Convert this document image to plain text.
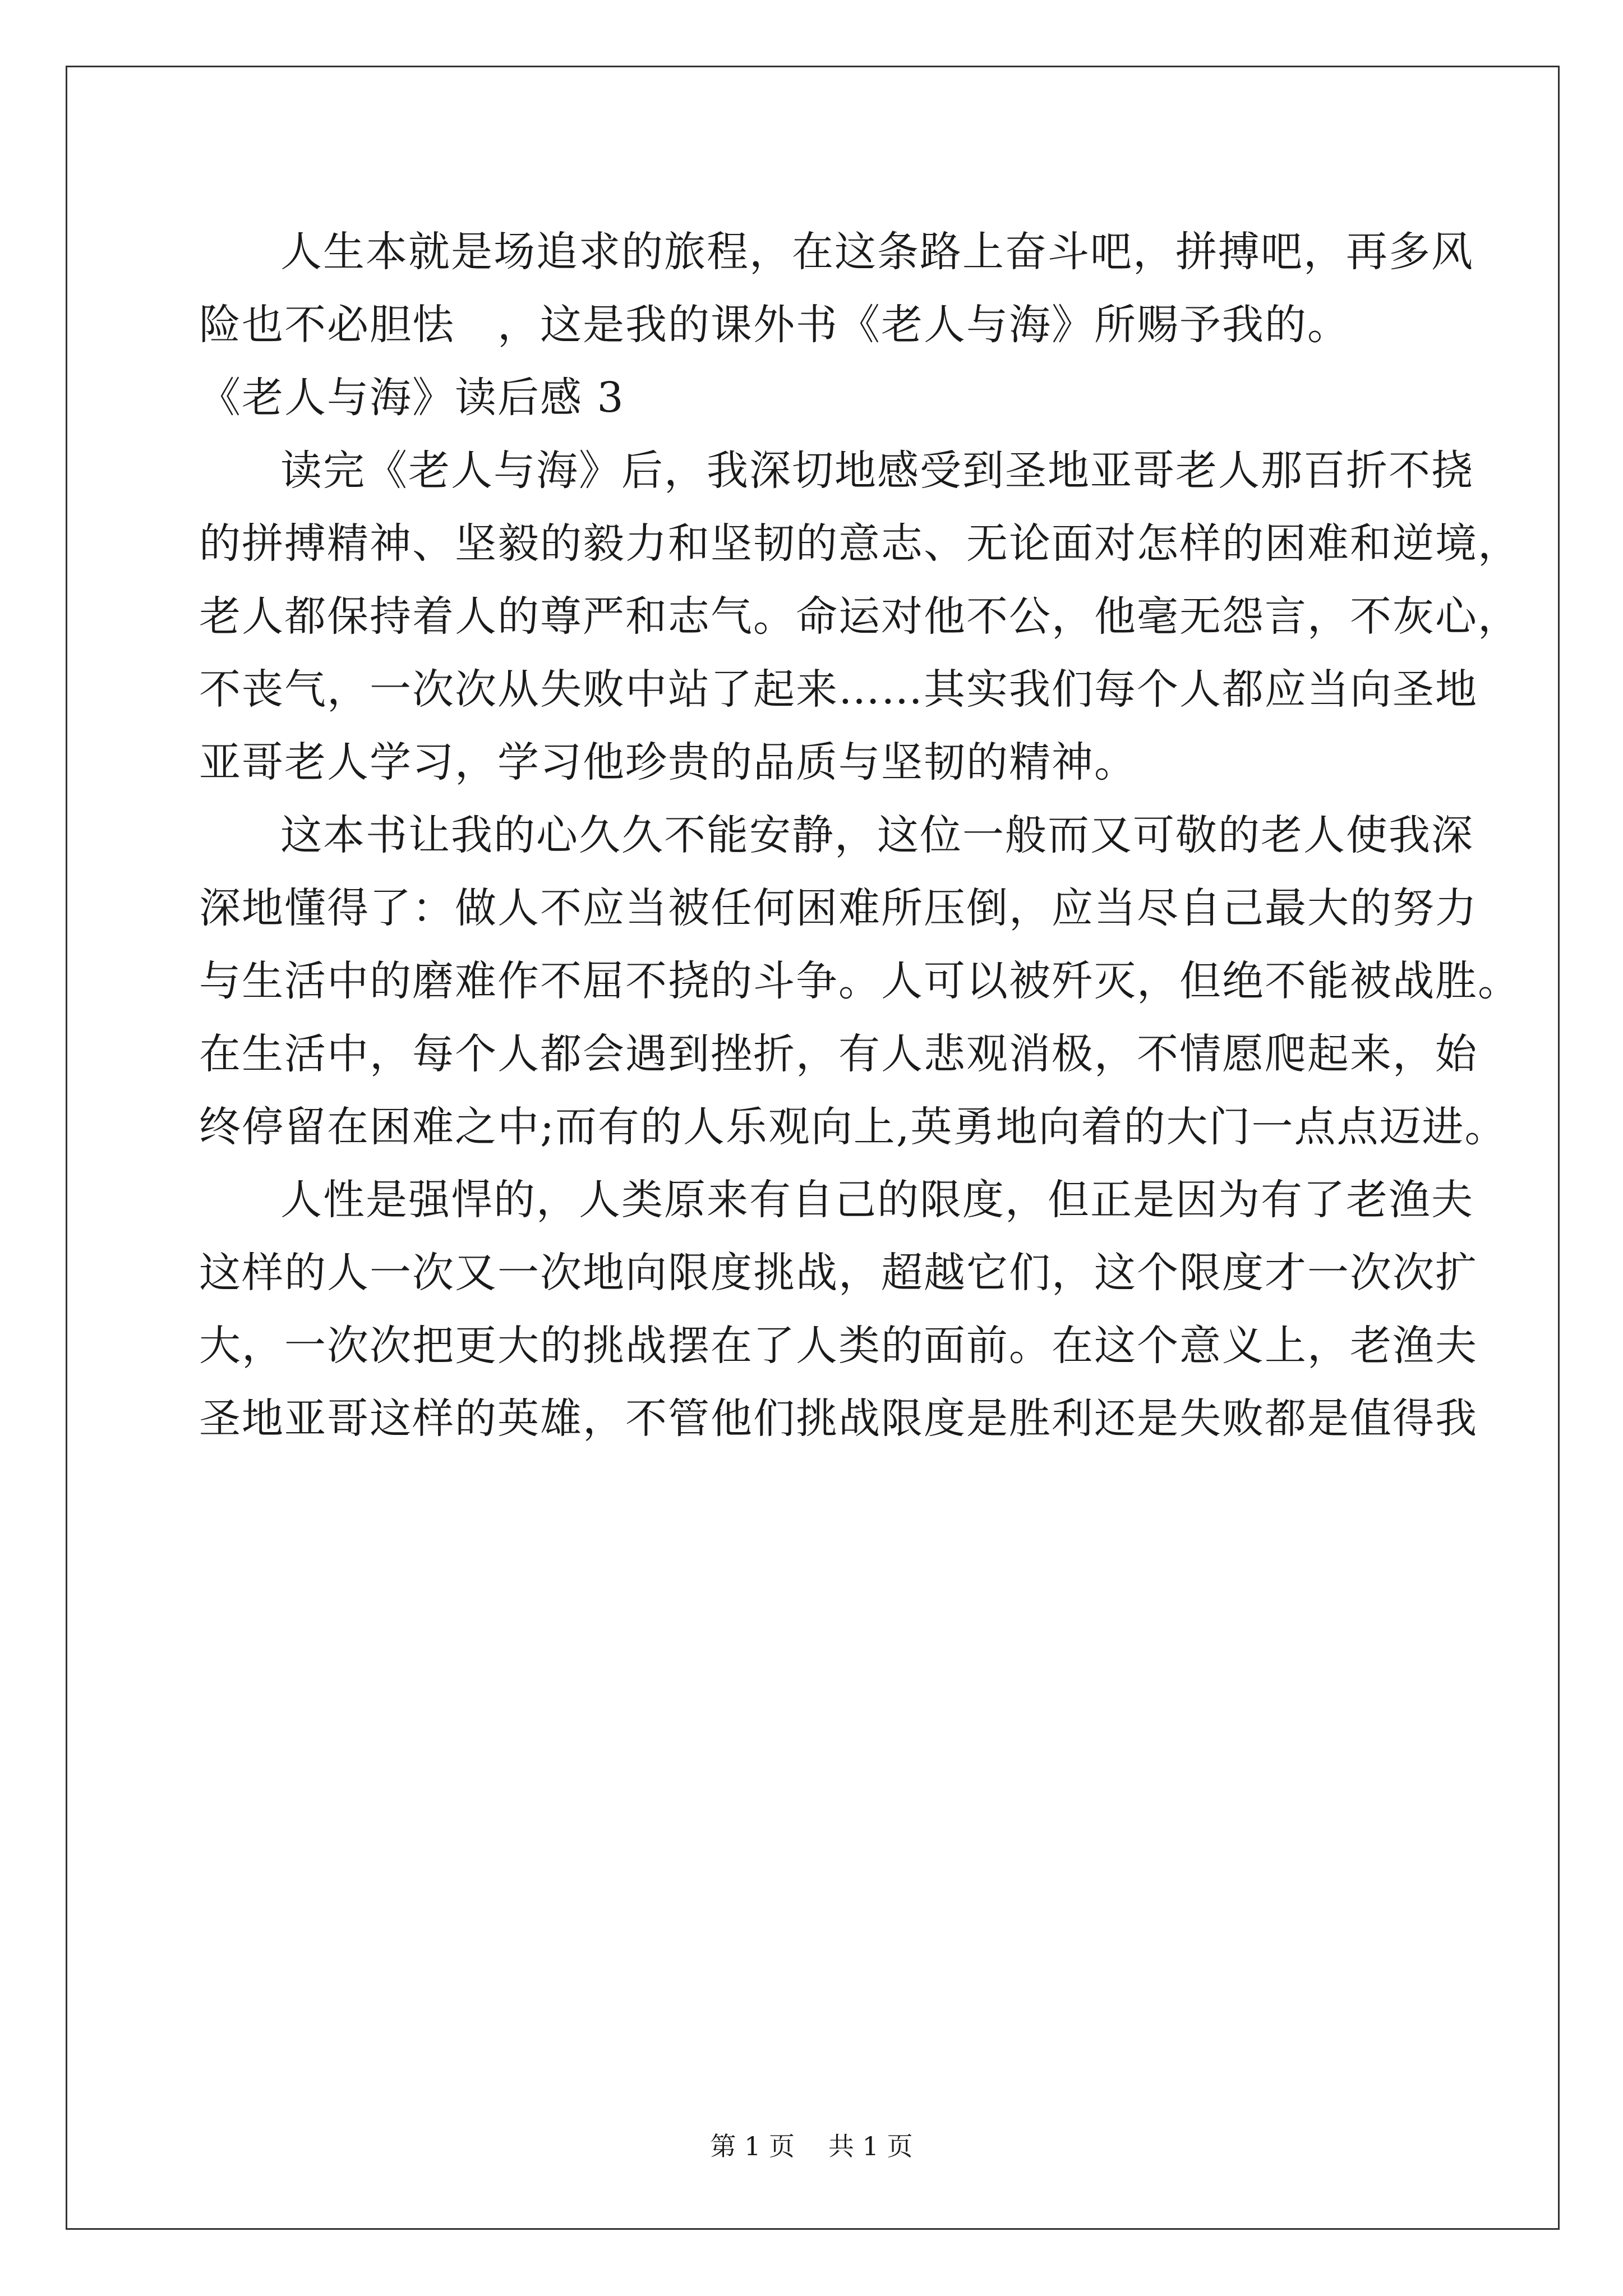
人生本就是场追求的旅程，在这条路上奋斗吧，拼搏吧，再多风
险也不必胆怯　，这是我的课外书《老人与海》所赐予我的。
《老人与海》读后感 3
读完《老人与海》后，我深切地感受到圣地亚哥老人那百折不挠
的拼搏精神、坚毅的毅力和坚韧的意志、无论面对怎样的困难和逆境，
老人都保持着人的尊严和志气。命运对他不公，他毫无怨言，不灰心，
不丧气，一次次从失败中站了起来……其实我们每个人都应当向圣地
亚哥老人学习，学习他珍贵的品质与坚韧的精神。
这本书让我的心久久不能安静，这位一般而又可敬的老人使我深
深地懂得了：做人不应当被任何困难所压倒，应当尽自己最大的努力
与生活中的磨难作不屈不挠的斗争。人可以被歼灭，但绝不能被战胜。
在生活中，每个人都会遇到挫折，有人悲观消极，不情愿爬起来，始
终停留在困难之中;而有的人乐观向上,英勇地向着的大门一点点迈进。
人性是强悍的，人类原来有自己的限度，但正是因为有了老渔夫
这样的人一次又一次地向限度挑战，超越它们，这个限度才一次次扩
大，一次次把更大的挑战摆在了人类的面前。在这个意义上，老渔夫
圣地亚哥这样的英雄，不管他们挑战限度是胜利还是失败都是值得我
第 1 页 共 1 页
